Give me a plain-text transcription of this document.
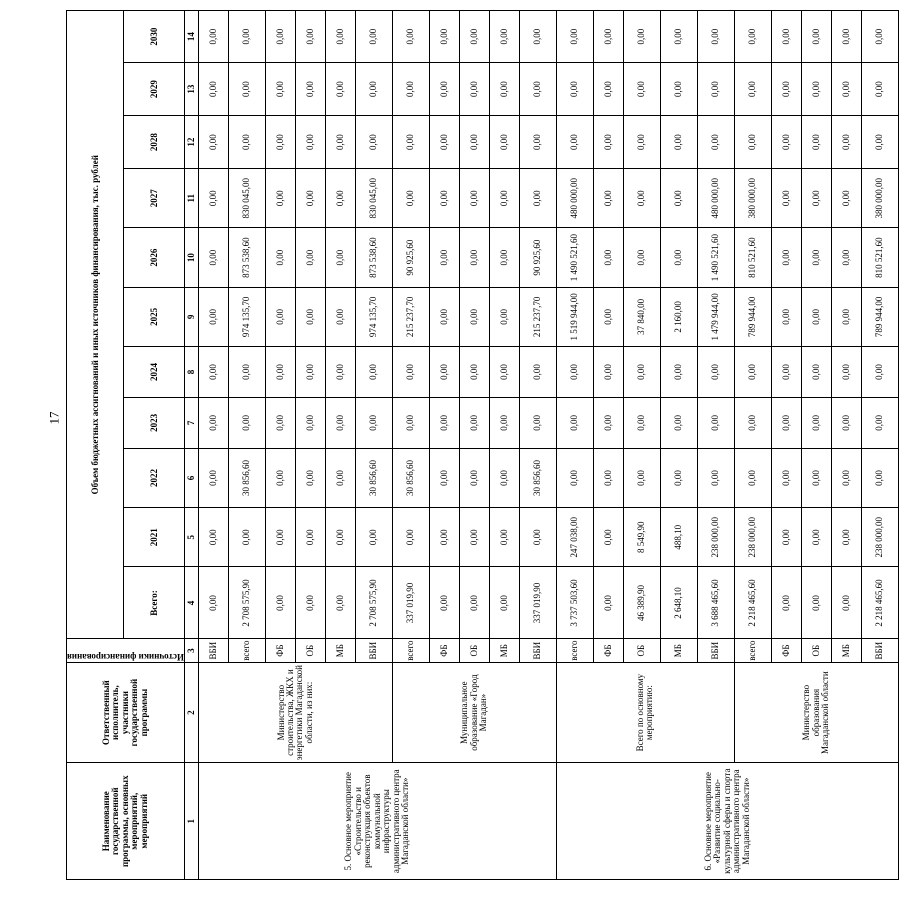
17
Наименование государственной программы, основных мероприятий, мероприятий	Ответственный исполнитель, участники государственной программы	Источники финансирования	Объем бюджетных ассигнований и иных источников финансирования, тыс. рублей										
			Всего:	2021	2022	2023	2024	2025	2026	2027	2028	2029	2030
1	2	3	4	5	6	7	8	9	10	11	12	13	14
5. Основное мероприятие «Строительство и реконструкция объектов коммунальной инфраструктуры административного центра Магаданской области»	Министерство строительства, ЖКХ и энергетики Магаданской области, из них:	ВБИ	0,00	0,00	0,00	0,00	0,00	0,00	0,00	0,00	0,00	0,00	0,00
		всего	2 708 575,90	0,00	30 856,60	0,00	0,00	974 135,70	873 538,60	830 045,00	0,00	0,00	0,00
		ФБ	0,00	0,00	0,00	0,00	0,00	0,00	0,00	0,00	0,00	0,00	0,00
		ОБ	0,00	0,00	0,00	0,00	0,00	0,00	0,00	0,00	0,00	0,00	0,00
		МБ	0,00	0,00	0,00	0,00	0,00	0,00	0,00	0,00	0,00	0,00	0,00
		ВБИ	2 708 575,90	0,00	30 856,60	0,00	0,00	974 135,70	873 538,60	830 045,00	0,00	0,00	0,00
	Муниципальное образование «Город Магадан»	всего	337 019,90	0,00	30 856,60	0,00	0,00	215 237,70	90 925,60	0,00	0,00	0,00	0,00
		ФБ	0,00	0,00	0,00	0,00	0,00	0,00	0,00	0,00	0,00	0,00	0,00
		ОБ	0,00	0,00	0,00	0,00	0,00	0,00	0,00	0,00	0,00	0,00	0,00
		МБ	0,00	0,00	0,00	0,00	0,00	0,00	0,00	0,00	0,00	0,00	0,00
		ВБИ	337 019,90	0,00	30 856,60	0,00	0,00	215 237,70	90 925,60	0,00	0,00	0,00	0,00
6. Основное мероприятие «Развитие социально-культурной сферы и спорта административного центра Магаданской области»	Всего по основному мероприятию:	всего	3 737 503,60	247 038,00	0,00	0,00	0,00	1 519 944,00	1 490 521,60	480 000,00	0,00	0,00	0,00
		ФБ	0,00	0,00	0,00	0,00	0,00	0,00	0,00	0,00	0,00	0,00	0,00
		ОБ	46 389,90	8 549,90	0,00	0,00	0,00	37 840,00	0,00	0,00	0,00	0,00	0,00
		МБ	2 648,10	488,10	0,00	0,00	0,00	2 160,00	0,00	0,00	0,00	0,00	0,00
		ВБИ	3 688 465,60	238 000,00	0,00	0,00	0,00	1 479 944,00	1 490 521,60	480 000,00	0,00	0,00	0,00
	Министерство образования Магаданской области	всего	2 218 465,60	238 000,00	0,00	0,00	0,00	789 944,00	810 521,60	380 000,00	0,00	0,00	0,00
		ФБ	0,00	0,00	0,00	0,00	0,00	0,00	0,00	0,00	0,00	0,00	0,00
		ОБ	0,00	0,00	0,00	0,00	0,00	0,00	0,00	0,00	0,00	0,00	0,00
		МБ	0,00	0,00	0,00	0,00	0,00	0,00	0,00	0,00	0,00	0,00	0,00
		ВБИ	2 218 465,60	238 000,00	0,00	0,00	0,00	789 944,00	810 521,60	380 000,00	0,00	0,00	0,00
